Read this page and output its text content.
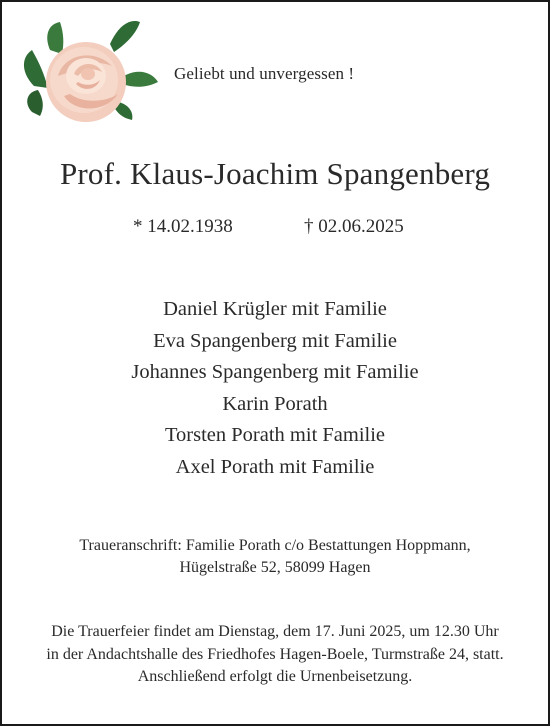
Geliebt und unvergessen !
Prof. Klaus-Joachim Spangenberg
* 14.02.1938	† 02.06.2025
Daniel Krügler mit Familie
Eva Spangenberg mit Familie
Johannes Spangenberg mit Familie
Karin Porath
Torsten Porath mit Familie
Axel Porath mit Familie
Traueranschrift: Familie Porath c/o Bestattungen Hoppmann,
Hügelstraße 52, 58099 Hagen
Die Trauerfeier findet am Dienstag, dem 17. Juni 2025, um 12.30 Uhr
in der Andachtshalle des Friedhofes Hagen-Boele, Turmstraße 24, statt.
Anschließend erfolgt die Urnenbeisetzung.
